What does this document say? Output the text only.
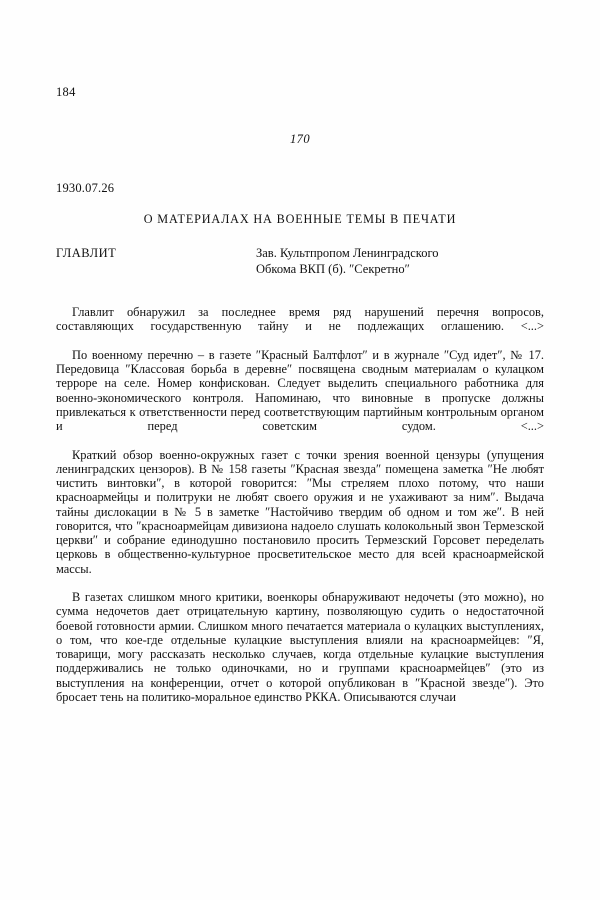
184
170
1930.07.26
О МАТЕРИАЛАХ НА ВОЕННЫЕ ТЕМЫ В ПЕЧАТИ
ГЛАВЛИТ	Зав. Культпропом Ленинградского
Обкома ВКП (б). ″Секретно″

Главлит обнаружил за последнее время ряд нарушений перечня вопросов, составляющих государственную тайну и не подлежащих оглашению. <...>

По военному перечню – в газете ″Красный Балтфлот″ и в журнале ″Суд идет″, № 17. Передовица ″Классовая борьба в деревне″ посвящена сводным материалам о кулацком терроре на селе. Номер конфискован. Следует выделить специального работника для военно-экономического контроля. Напоминаю, что виновные в пропуске должны привлекаться к ответственности перед соответствующим партийным контрольным органом и перед советским судом. <...>

Краткий обзор военно-окружных газет с точки зрения военной цензуры (упущения ленинградских цензоров). В № 158 газеты ″Красная звезда″ помещена заметка ″Не любят чистить винтовки″, в которой говорится: ″Мы стреляем плохо потому, что наши красноармейцы и политруки не любят своего оружия и не ухаживают за ним″. Выдача тайны дислокации в № 5 в заметке ″Настойчиво твердим об одном и том же″. В ней говорится, что ″красноармейцам дивизиона надоело слушать колокольный звон Термезской церкви″ и собрание единодушно постановило просить Термезский Горсовет переделать церковь в общественно-культурное просветительское место для всей красноармейской массы.

В газетах слишком много критики, военкоры обнаруживают недочеты (это можно), но сумма недочетов дает отрицательную картину, позволяющую судить о недостаточной боевой готовности армии. Слишком много печатается материала о кулацких выступлениях, о том, что кое-где отдельные кулацкие выступления влияли на красноармейцев: ″Я, товарищи, могу рассказать несколько случаев, когда отдельные кулацкие выступления поддерживались не только одиночками, но и группами красноармейцев″ (это из выступления на конференции, отчет о которой опубликован в ″Красной звезде″). Это бросает тень на политико-моральное единство РККА. Описываются случаи
